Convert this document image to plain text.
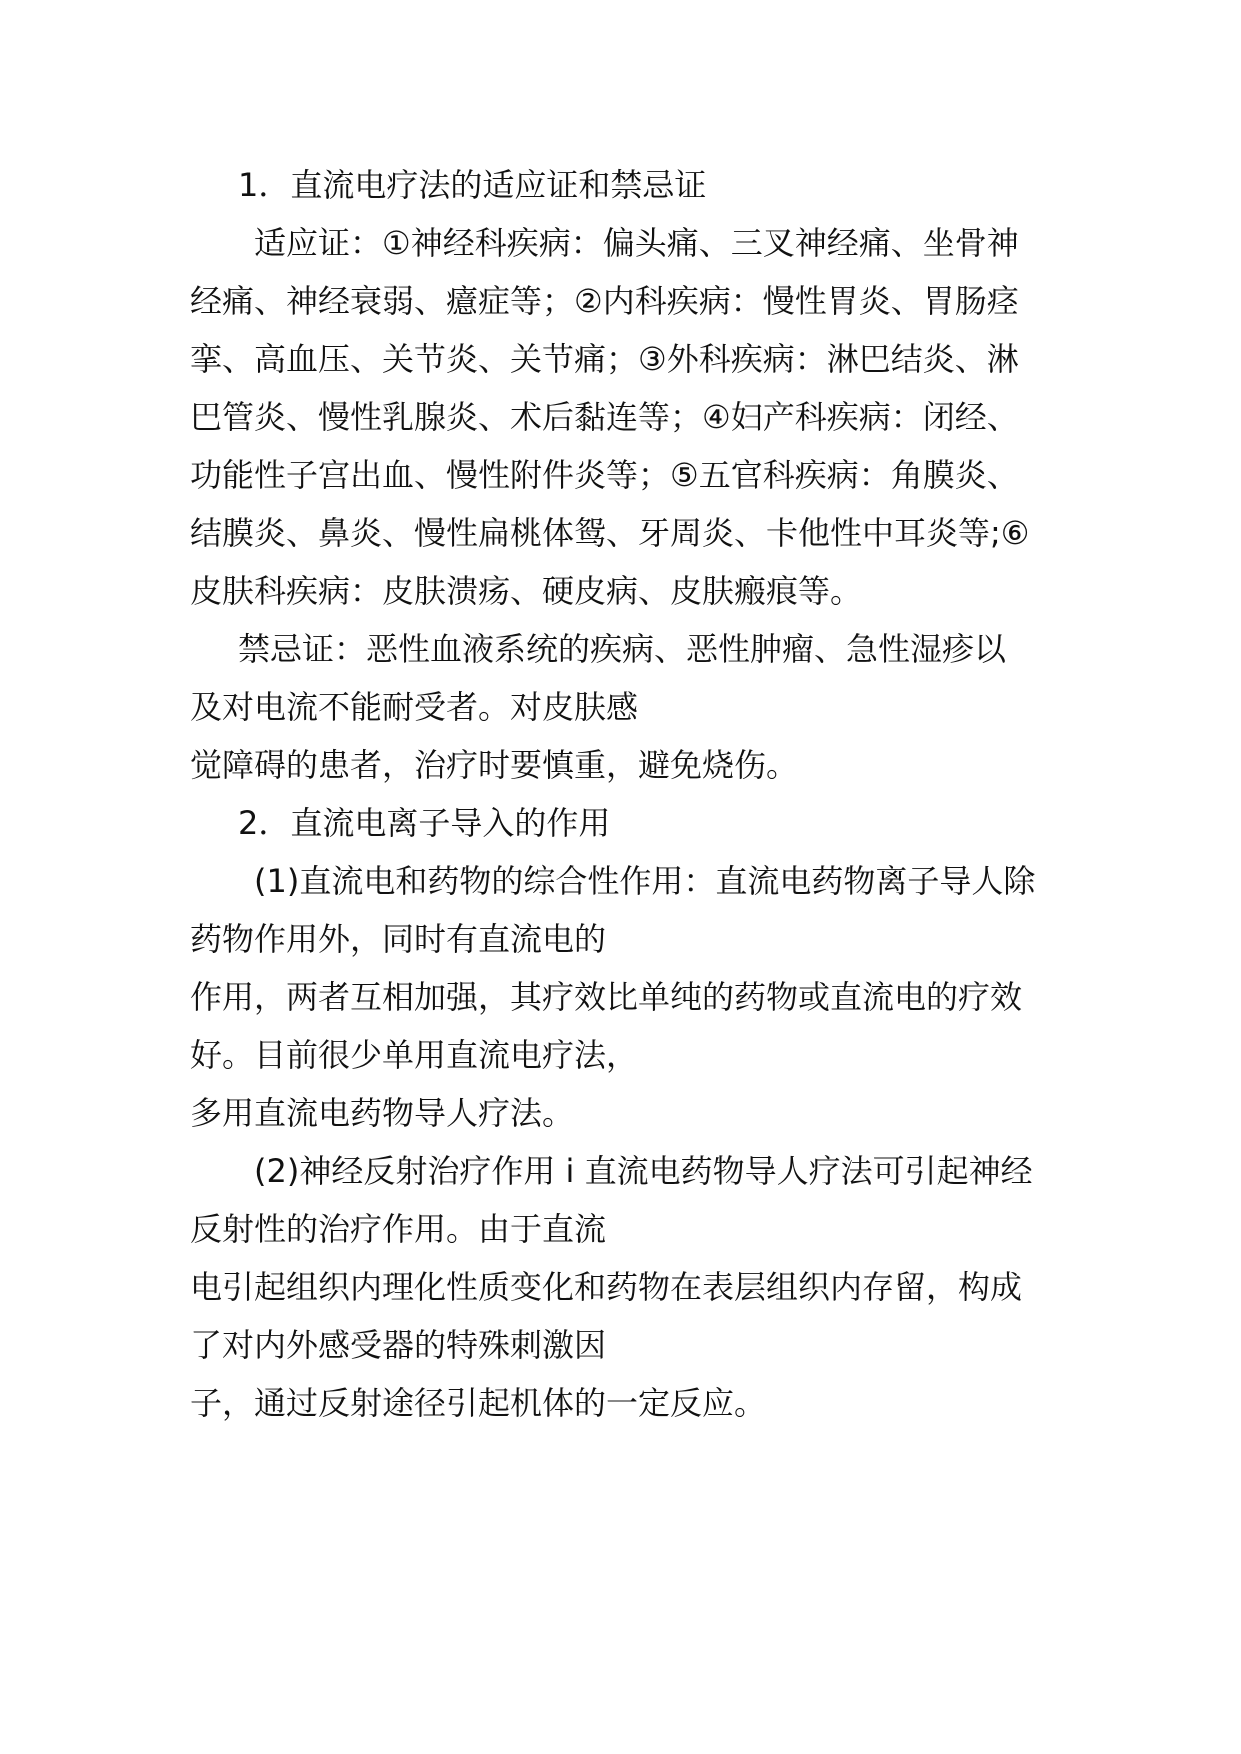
1．直流电疗法的适应证和禁忌证
适应证：①神经科疾病：偏头痛、三叉神经痛、坐骨神
经痛、神经衰弱、癔症等；②内科疾病：慢性胃炎、胃肠痉
挛、高血压、关节炎、关节痛；③外科疾病：淋巴结炎、淋
巴管炎、慢性乳腺炎、术后黏连等；④妇产科疾病：闭经、
功能性子宫出血、慢性附件炎等；⑤五官科疾病：角膜炎、
结膜炎、鼻炎、慢性扁桃体鸳、牙周炎、卡他性中耳炎等;⑥
皮肤科疾病：皮肤溃疡、硬皮病、皮肤瘢痕等。
禁忌证：恶性血液系统的疾病、恶性肿瘤、急性湿疹以
及对电流不能耐受者。对皮肤感
觉障碍的患者，治疗时要慎重，避免烧伤。
2．直流电离子导入的作用
(1)直流电和药物的综合性作用：直流电药物离子导人除
药物作用外，同时有直流电的
作用，两者互相加强，其疗效比单纯的药物或直流电的疗效
好。目前很少单用直流电疗法，
多用直流电药物导人疗法。
(2)神经反射治疗作用 i 直流电药物导人疗法可引起神经
反射性的治疗作用。由于直流
电引起组织内理化性质变化和药物在表层组织内存留，构成
了对内外感受器的特殊刺激因
子，通过反射途径引起机体的一定反应。
